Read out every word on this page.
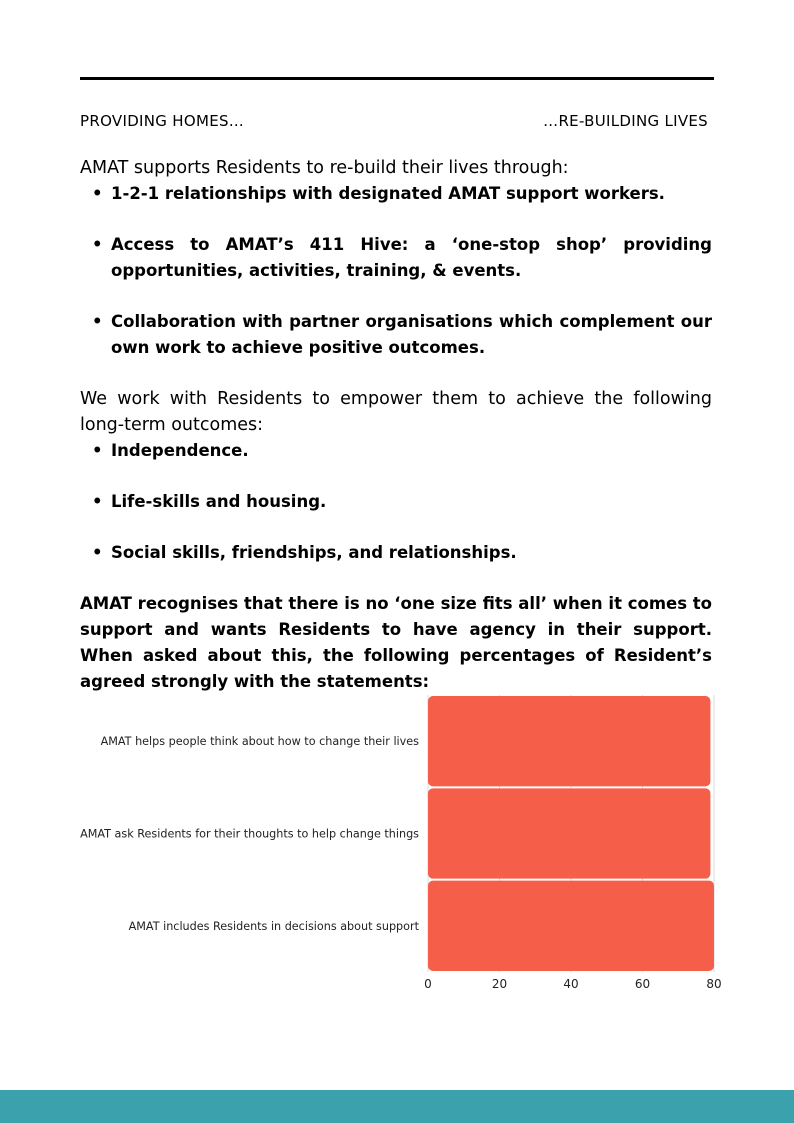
PROVIDING HOMES…	…RE-BUILDING LIVES

AMAT supports Residents to re-build their lives through:

• 1-2-1 relationships with designated AMAT support workers.
• Access to AMAT’s 411 Hive: a ‘one-stop shop’ providing opportunities, activities, training, & events.
• Collaboration with partner organisations which complement our own work to achieve positive outcomes.

We work with Residents to empower them to achieve the following long-term outcomes:

• Independence.
• Life-skills and housing.
• Social skills, friendships, and relationships.

AMAT recognises that there is no ‘one size fits all’ when it comes to support and wants Residents to have agency in their support. When asked about this, the following percentages of Resident’s agreed strongly with the statements:

0	20	40	60	80
AMAT helps people think about how to change their lives
AMAT ask Residents for their thoughts to help change things
AMAT includes Residents in decisions about support
